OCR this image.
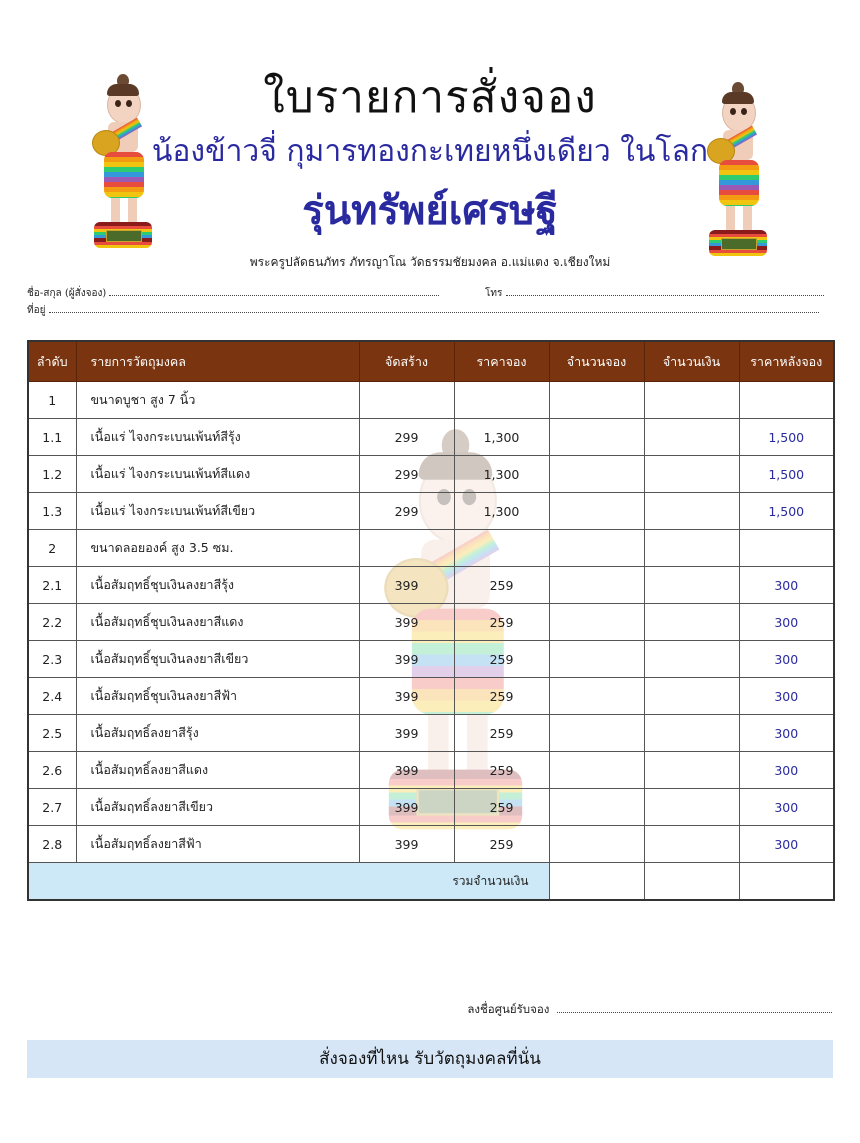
ใบรายการสั่งจอง
น้องข้าวจี่ กุมารทองกะเทยหนึ่งเดียว ในโลก
รุ่นทรัพย์เศรษฐี
พระครูปลัดธนภัทร ภัทรญาโณ วัดธรรมชัยมงคล อ.แม่แตง จ.เชียงใหม่
ชื่อ-สกุล (ผู้สั่งจอง)	โทร
ที่อยู่
ลำดับ	รายการวัตถุมงคล	จัดสร้าง	ราคาจอง	จำนวนจอง	จำนวนเงิน	ราคาหลังจอง
1	ขนาดบูชา สูง 7 นิ้ว					
1.1	เนื้อแร่ ไจงกระเบนเพ้นท์สีรุ้ง	299	1,300			1,500
1.2	เนื้อแร่ ไจงกระเบนเพ้นท์สีแดง	299	1,300			1,500
1.3	เนื้อแร่ ไจงกระเบนเพ้นท์สีเขียว	299	1,300			1,500
2	ขนาดลอยองค์ สูง 3.5 ซม.					
2.1	เนื้อสัมฤทธิ์ชุบเงินลงยาสีรุ้ง	399	259			300
2.2	เนื้อสัมฤทธิ์ชุบเงินลงยาสีแดง	399	259			300
2.3	เนื้อสัมฤทธิ์ชุบเงินลงยาสีเขียว	399	259			300
2.4	เนื้อสัมฤทธิ์ชุบเงินลงยาสีฟ้า	399	259			300
2.5	เนื้อสัมฤทธิ์ลงยาสีรุ้ง	399	259			300
2.6	เนื้อสัมฤทธิ์ลงยาสีแดง	399	259			300
2.7	เนื้อสัมฤทธิ์ลงยาสีเขียว	399	259			300
2.8	เนื้อสัมฤทธิ์ลงยาสีฟ้า	399	259			300
รวมจำนวนเงิน						
ลงชื่อศูนย์รับจอง
สั่งจองที่ไหน รับวัตถุมงคลที่นั่น
